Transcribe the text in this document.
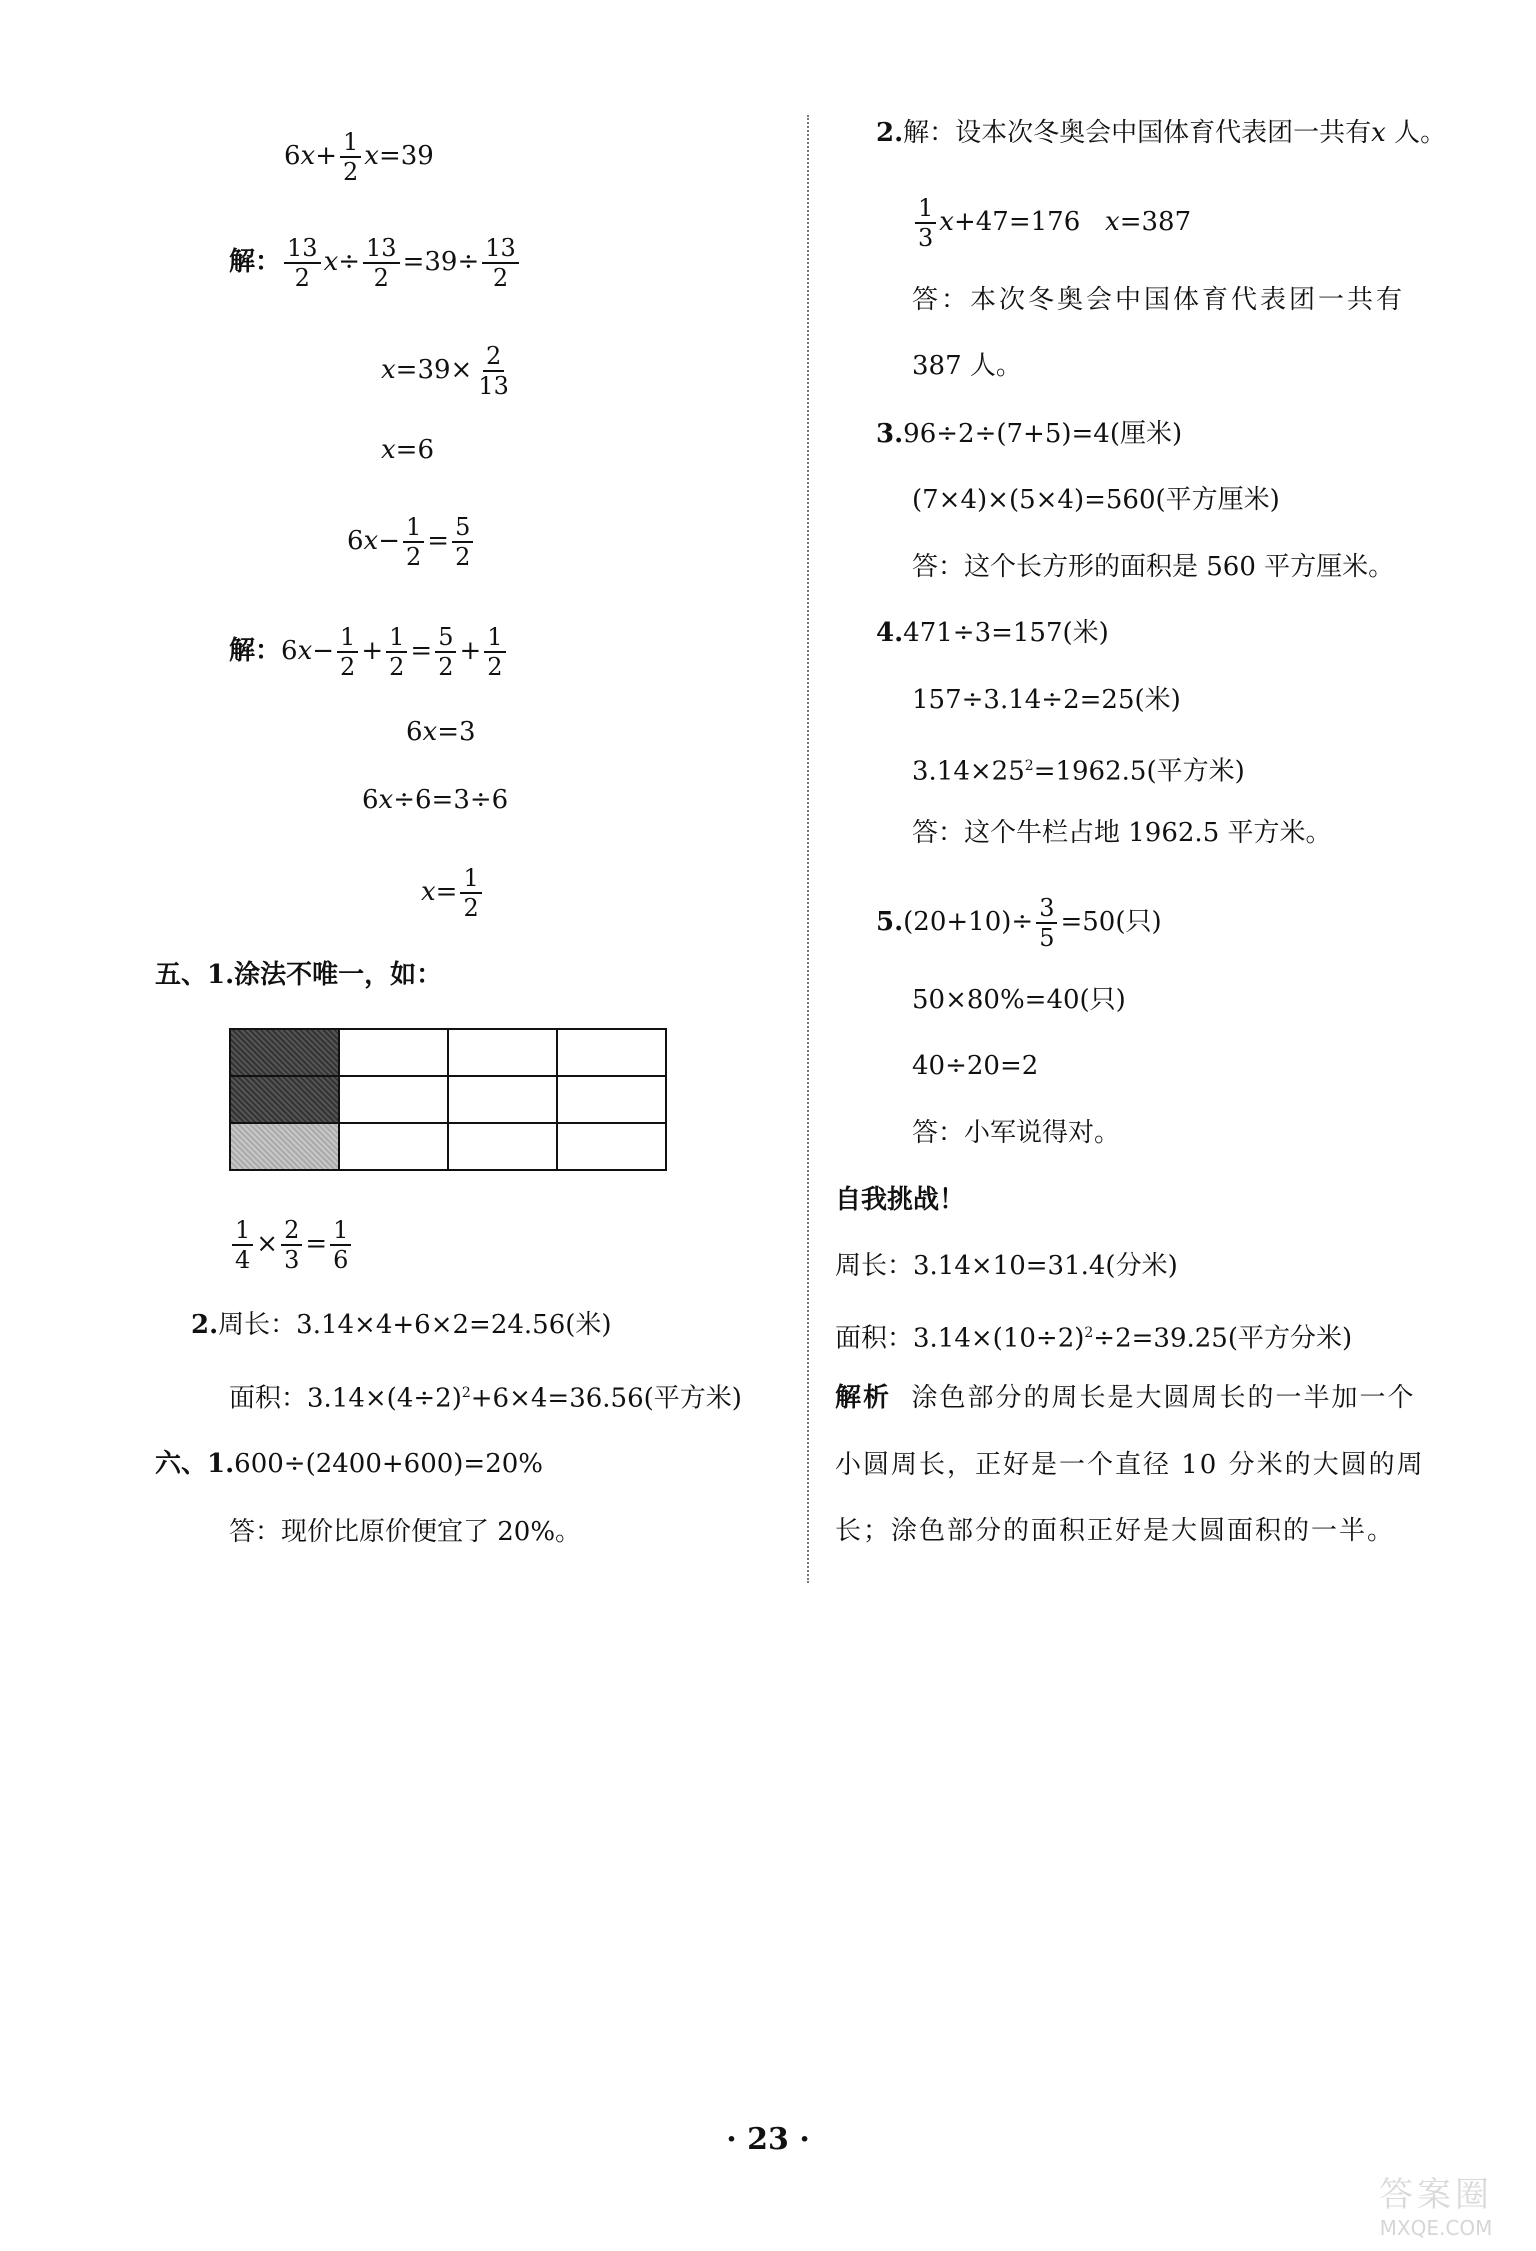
$6x+ \frac{1}{2} x=39$
解： $\frac{13}{2} x\div \frac{13}{2} =39\div \frac{13}{2}$
$x=39\times \frac{2}{13}$
x=6
$6x- \frac{1}{2} = \frac{5}{2}$
解：$6x- \frac{1}{2} + \frac{1}{2} = \frac{5}{2} + \frac{1}{2}$
6x=3
6x÷6=3÷6
$x= \frac{1}{2}$
五、1.涂法不唯一，如：

$\frac{1}{4} \times \frac{2}{3} = \frac{1}{6}$
2.周长：3.14×4+6×2=24.56(米)
面积：$3.14\times(4\div 2)^2+6\times 4=36.56$(平方米)
六、1.600÷(2400+600)=20%
答：现价比原价便宜了 20%。
2.解：设本次冬奥会中国体育代表团一共有x 人。
$\frac{1}{3} x+47=176$ x=387
答：本次冬奥会中国体育代表团一共有
387 人。
3.96÷2÷(7+5)=4(厘米)
(7×4)×(5×4)=560(平方厘米)
答：这个长方形的面积是 560 平方厘米。
4.471÷3=157(米)
157÷3.14÷2=25(米)
$3.14\times 25^2=1962.5$(平方米)
答：这个牛栏占地 1962.5 平方米。
$5.(20+10)\div \frac{3}{5} =50$(只)
50×80%=40(只)
40÷20=2
答：小军说得对。
自我挑战！
周长：3.14×10=31.4(分米)
面积：$3.14\times(10\div 2)^2\div 2=39.25$(平方分米)
解析 涂色部分的周长是大圆周长的一半加一个
小圆周长，正好是一个直径 10 分米的大圆的周
长；涂色部分的面积正好是大圆面积的一半。
· 23 ·
答案圈
MXQE.COM
